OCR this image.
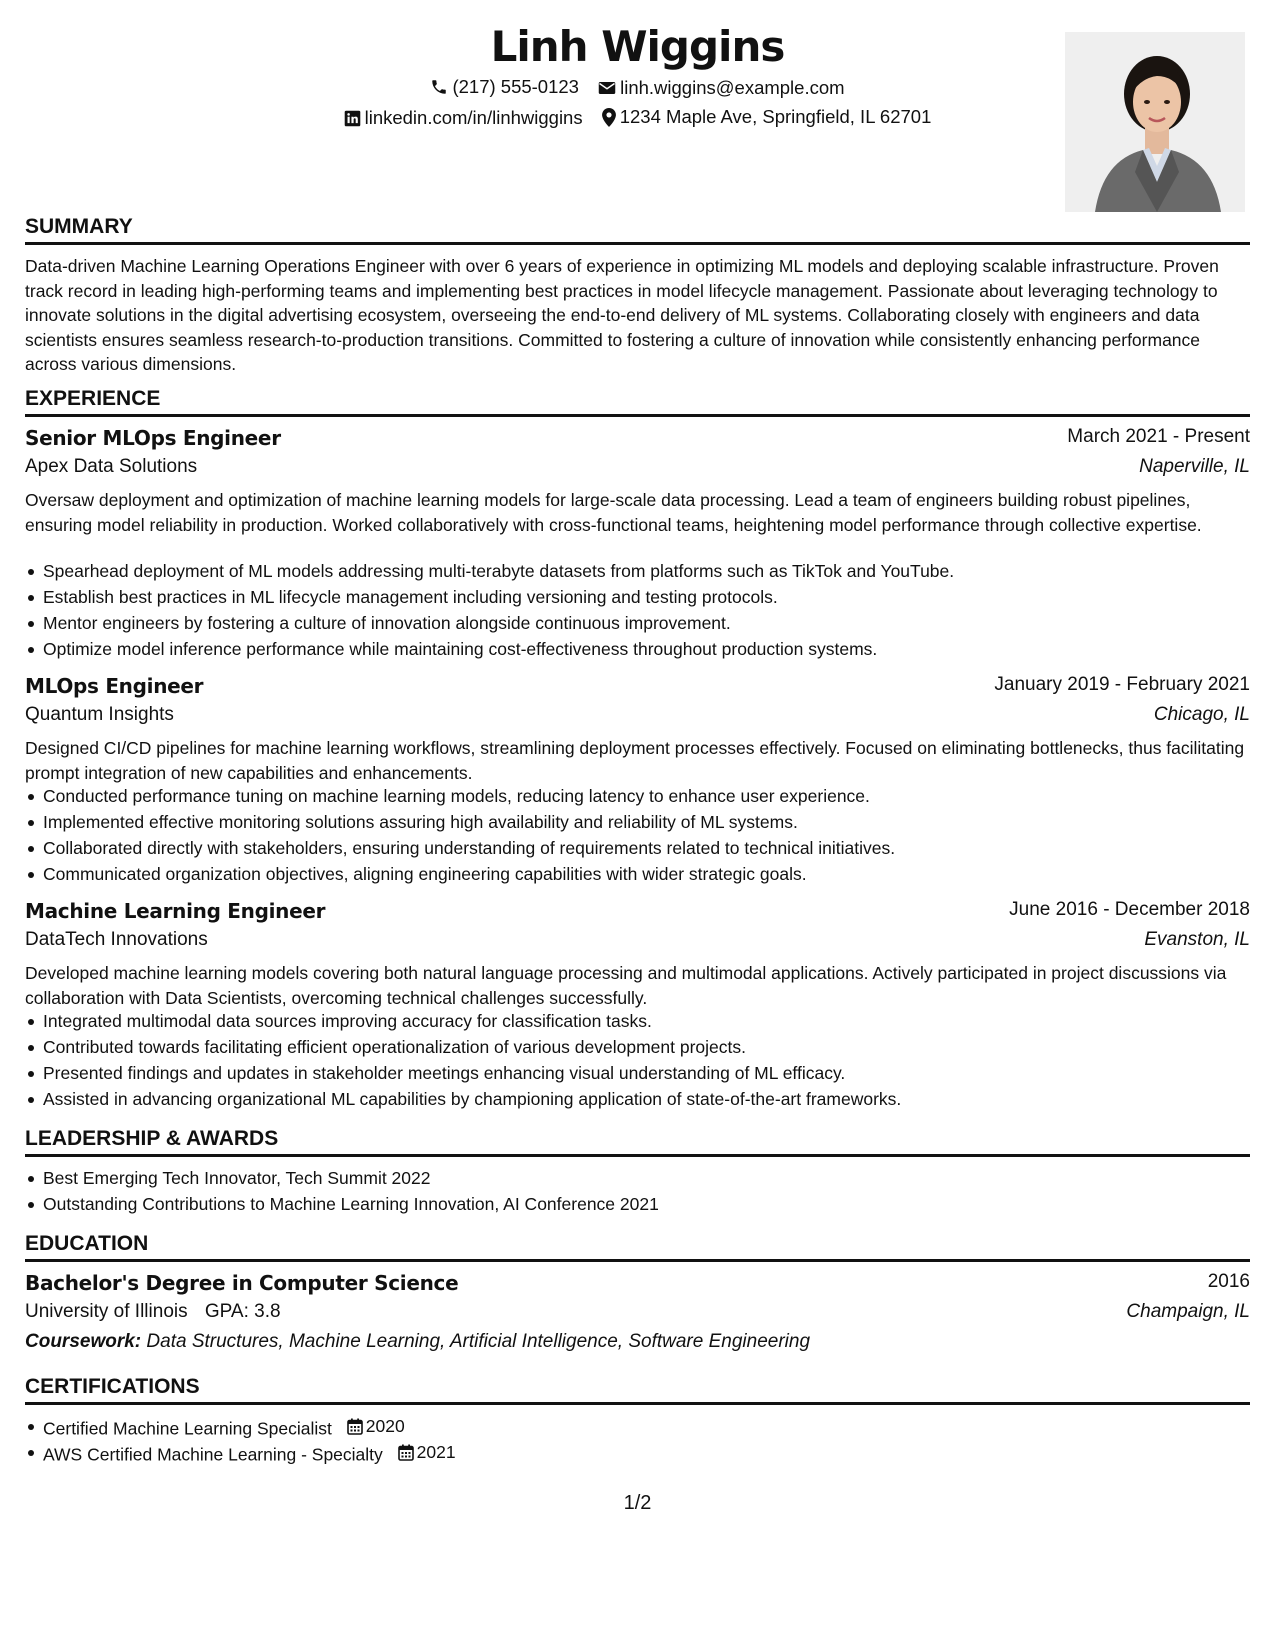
Linh Wiggins
(217) 555-0123
linh.wiggins@example.com
linkedin.com/in/linhwiggins
1234 Maple Ave, Springfield, IL 62701
SUMMARY
Data-driven Machine Learning Operations Engineer with over 6 years of experience in optimizing ML models and deploying scalable infrastructure. Proven track record in leading high-performing teams and implementing best practices in model lifecycle management. Passionate about leveraging technology to innovate solutions in the digital advertising ecosystem, overseeing the end-to-end delivery of ML systems. Collaborating closely with engineers and data scientists ensures seamless research-to-production transitions. Committed to fostering a culture of innovation while consistently enhancing performance across various dimensions.
EXPERIENCE
Senior MLOps Engineer	March 2021 - Present
Apex Data Solutions	Naperville, IL
Oversaw deployment and optimization of machine learning models for large-scale data processing. Lead a team of engineers building robust pipelines, ensuring model reliability in production. Worked collaboratively with cross-functional teams, heightening model performance through collective expertise.
Spearhead deployment of ML models addressing multi-terabyte datasets from platforms such as TikTok and YouTube.
Establish best practices in ML lifecycle management including versioning and testing protocols.
Mentor engineers by fostering a culture of innovation alongside continuous improvement.
Optimize model inference performance while maintaining cost-effectiveness throughout production systems.
MLOps Engineer	January 2019 - February 2021
Quantum Insights	Chicago, IL
Designed CI/CD pipelines for machine learning workflows, streamlining deployment processes effectively. Focused on eliminating bottlenecks, thus facilitating prompt integration of new capabilities and enhancements.
Conducted performance tuning on machine learning models, reducing latency to enhance user experience.
Implemented effective monitoring solutions assuring high availability and reliability of ML systems.
Collaborated directly with stakeholders, ensuring understanding of requirements related to technical initiatives.
Communicated organization objectives, aligning engineering capabilities with wider strategic goals.
Machine Learning Engineer	June 2016 - December 2018
DataTech Innovations	Evanston, IL
Developed machine learning models covering both natural language processing and multimodal applications. Actively participated in project discussions via collaboration with Data Scientists, overcoming technical challenges successfully.
Integrated multimodal data sources improving accuracy for classification tasks.
Contributed towards facilitating efficient operationalization of various development projects.
Presented findings and updates in stakeholder meetings enhancing visual understanding of ML efficacy.
Assisted in advancing organizational ML capabilities by championing application of state-of-the-art frameworks.
LEADERSHIP & AWARDS
Best Emerging Tech Innovator, Tech Summit 2022
Outstanding Contributions to Machine Learning Innovation, AI Conference 2021
EDUCATION
Bachelor's Degree in Computer Science	2016
University of Illinois GPA: 3.8	Champaign, IL
Coursework: Data Structures, Machine Learning, Artificial Intelligence, Software Engineering
CERTIFICATIONS
Certified Machine Learning Specialist 2020
AWS Certified Machine Learning - Specialty 2021
1/2
